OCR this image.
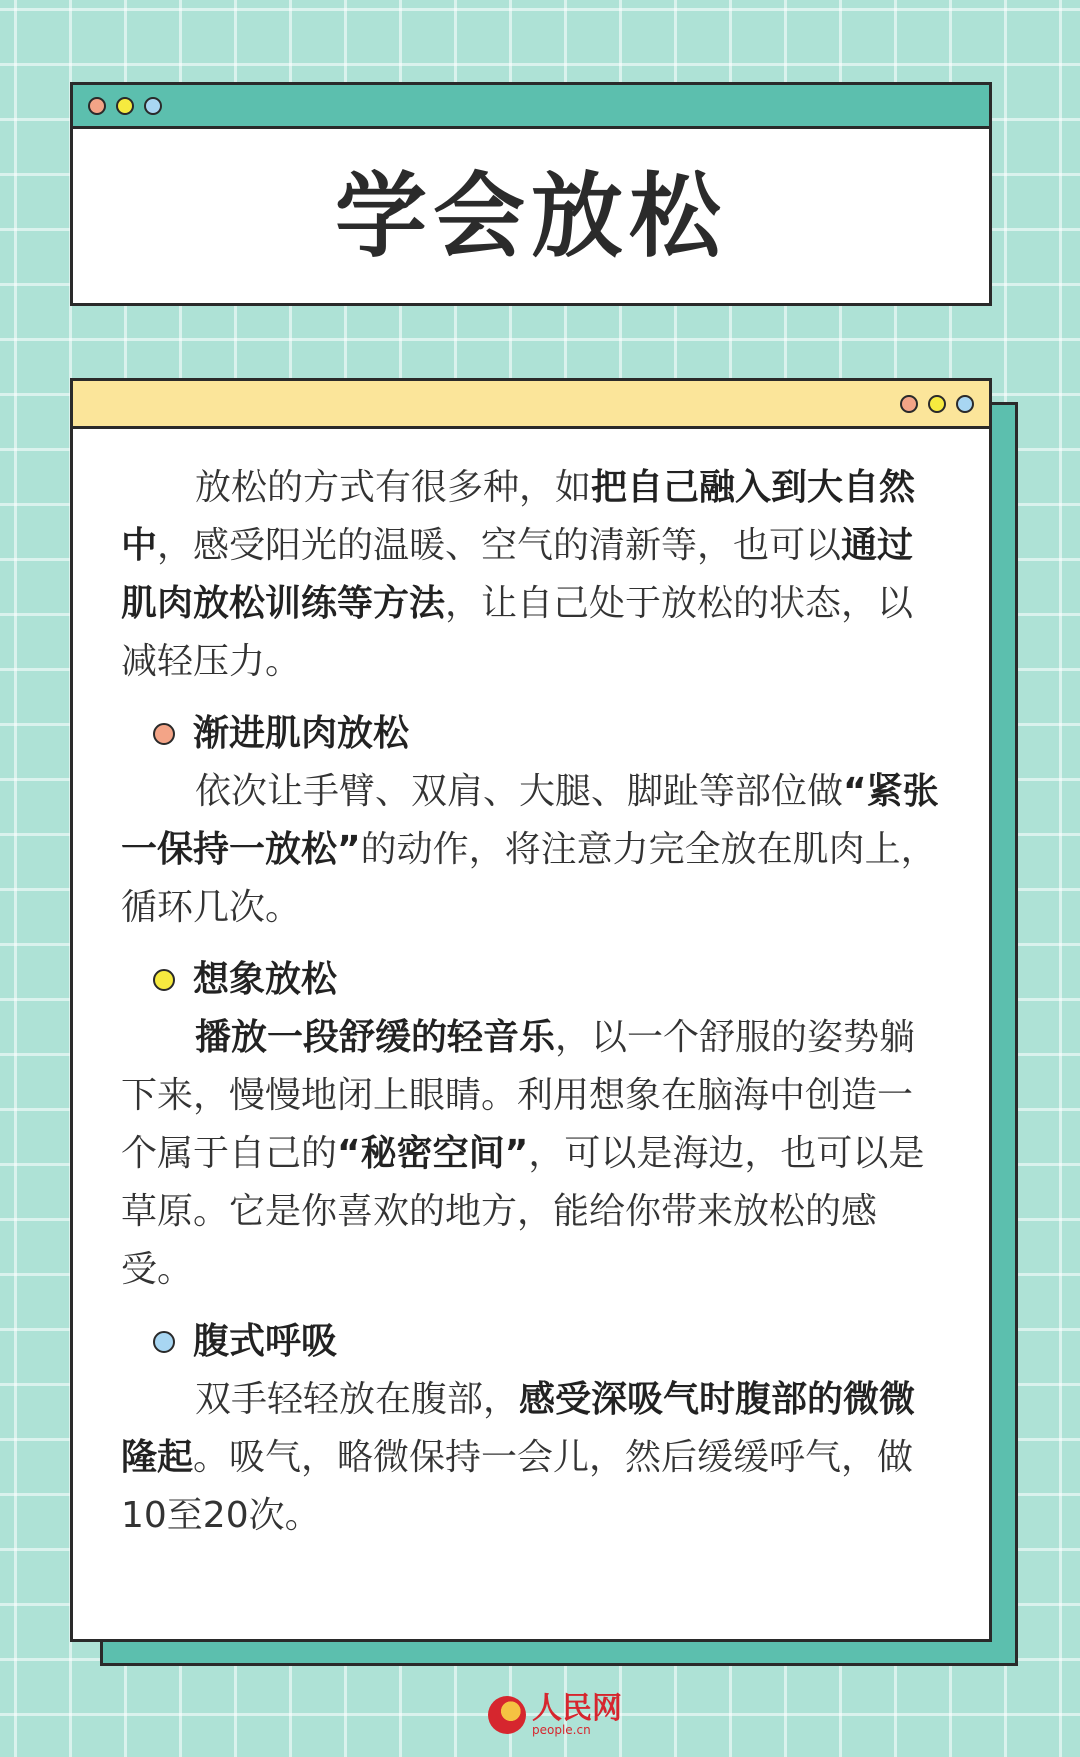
学会放松

放松的方式有很多种，如把自己融入到大自然中，感受阳光的温暖、空气的清新等，也可以通过肌肉放松训练等方法，让自己处于放松的状态，以减轻压力。

渐进肌肉放松

依次让手臂、双肩、大腿、脚趾等部位做“紧张一保持一放松”的动作，将注意力完全放在肌肉上，循环几次。

想象放松

播放一段舒缓的轻音乐，以一个舒服的姿势躺下来，慢慢地闭上眼睛。利用想象在脑海中创造一个属于自己的“秘密空间”，可以是海边，也可以是草原。它是你喜欢的地方，能给你带来放松的感受。

腹式呼吸

双手轻轻放在腹部，感受深吸气时腹部的微微隆起。吸气，略微保持一会儿，然后缓缓呼气，做10至20次。

人民网
people.cn
